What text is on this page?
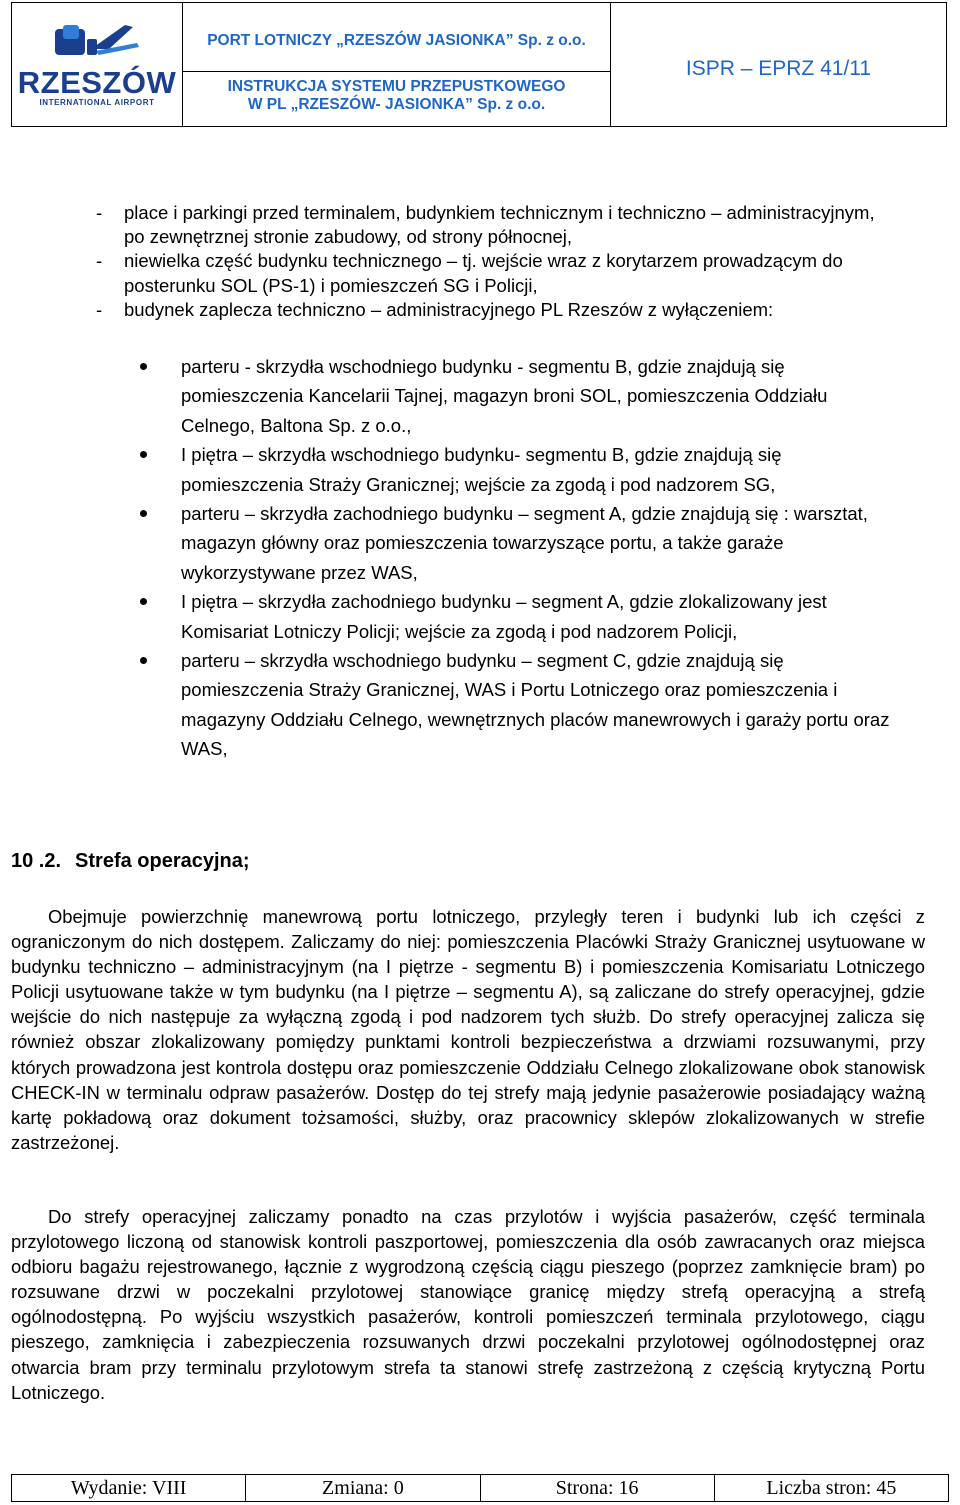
RZESZÓW
INTERNATIONAL AIRPORT

PORT LOTNICZY „RZESZÓW JASIONKA” Sp. z o.o.
INSTRUKCJA SYSTEMU PRZEPUSTKOWEGO
W PL „RZESZÓW- JASIONKA” Sp. z o.o.

ISPR – EPRZ 41/11

- place i parkingi przed terminalem, budynkiem technicznym i techniczno – administracyjnym, po zewnętrznej stronie zabudowy, od strony północnej,
- niewielka część budynku technicznego – tj. wejście wraz z korytarzem prowadzącym do posterunku SOL (PS-1) i pomieszczeń SG i Policji,
- budynek zaplecza techniczno – administracyjnego PL Rzeszów z wyłączeniem:
parteru - skrzydła wschodniego budynku - segmentu B, gdzie znajdują się pomieszczenia Kancelarii Tajnej, magazyn broni SOL, pomieszczenia Oddziału Celnego, Baltona Sp. z o.o.,
I piętra – skrzydła wschodniego budynku- segmentu B, gdzie znajdują się pomieszczenia Straży Granicznej; wejście za zgodą i pod nadzorem SG,
parteru – skrzydła zachodniego budynku – segment A, gdzie znajdują się : warsztat, magazyn główny oraz pomieszczenia towarzyszące portu, a także garaże wykorzystywane przez WAS,
I piętra – skrzydła zachodniego budynku – segment A, gdzie zlokalizowany jest Komisariat Lotniczy Policji; wejście za zgodą i pod nadzorem Policji,
parteru – skrzydła wschodniego budynku – segment C, gdzie znajdują się pomieszczenia Straży Granicznej, WAS i Portu Lotniczego oraz pomieszczenia i magazyny Oddziału Celnego, wewnętrznych placów manewrowych i garaży portu oraz WAS,
10 .2. Strefa operacyjna;
Obejmuje powierzchnię manewrową portu lotniczego, przyległy teren i budynki lub ich części z ograniczonym do nich dostępem. Zaliczamy do niej: pomieszczenia Placówki Straży Granicznej usytuowane w budynku techniczno – administracyjnym (na I piętrze - segmentu B) i pomieszczenia Komisariatu Lotniczego Policji usytuowane także w tym budynku (na I piętrze – segmentu A), są zaliczane do strefy operacyjnej, gdzie wejście do nich następuje za wyłączną zgodą i pod nadzorem tych służb. Do strefy operacyjnej zalicza się również obszar zlokalizowany pomiędzy punktami kontroli bezpieczeństwa a drzwiami rozsuwanymi, przy których prowadzona jest kontrola dostępu oraz pomieszczenie Oddziału Celnego zlokalizowane obok stanowisk CHECK-IN w terminalu odpraw pasażerów. Dostęp do tej strefy mają jedynie pasażerowie posiadający ważną kartę pokładową oraz dokument tożsamości, służby, oraz pracownicy sklepów zlokalizowanych w strefie zastrzeżonej.
Do strefy operacyjnej zaliczamy ponadto na czas przylotów i wyjścia pasażerów, część terminala przylotowego liczoną od stanowisk kontroli paszportowej, pomieszczenia dla osób zawracanych oraz miejsca odbioru bagażu rejestrowanego, łącznie z wygrodzoną częścią ciągu pieszego (poprzez zamknięcie bram) po rozsuwane drzwi w poczekalni przylotowej stanowiące granicę między strefą operacyjną a strefą ogólnodostępną. Po wyjściu wszystkich pasażerów, kontroli pomieszczeń terminala przylotowego, ciągu pieszego, zamknięcia i zabezpieczenia rozsuwanych drzwi poczekalni przylotowej ogólnodostępnej oraz otwarcia bram przy terminalu przylotowym strefa ta stanowi strefę zastrzeżoną z częścią krytyczną Portu Lotniczego.
Wydanie: VIII	Zmiana: 0	Strona: 16	Liczba stron: 45
